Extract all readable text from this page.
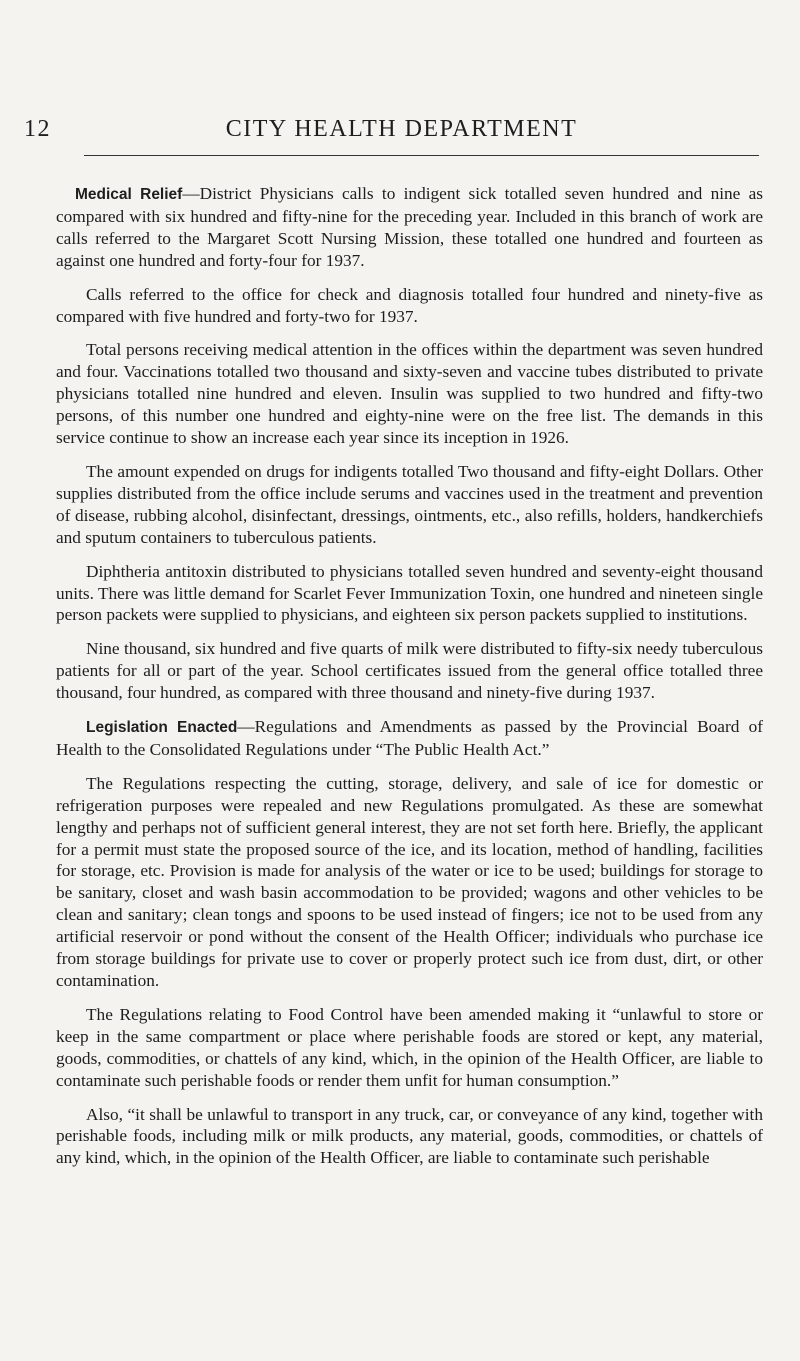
12	CITY HEALTH DEPARTMENT

Medical Relief—District Physicians calls to indigent sick totalled seven hundred and nine as compared with six hundred and fifty-nine for the preceding year. Included in this branch of work are calls referred to the Margaret Scott Nursing Mission, these totalled one hundred and fourteen as against one hundred and forty-four for 1937.

Calls referred to the office for check and diagnosis totalled four hundred and ninety-five as compared with five hundred and forty-two for 1937.

Total persons receiving medical attention in the offices within the department was seven hundred and four. Vaccinations totalled two thousand and sixty-seven and vaccine tubes distributed to private physicians totalled nine hundred and eleven. Insulin was supplied to two hundred and fifty-two persons, of this number one hundred and eighty-nine were on the free list. The demands in this service continue to show an increase each year since its inception in 1926.

The amount expended on drugs for indigents totalled Two thousand and fifty-eight Dollars. Other supplies distributed from the office include serums and vaccines used in the treatment and prevention of disease, rubbing alcohol, disinfectant, dressings, ointments, etc., also refills, holders, handkerchiefs and sputum containers to tuberculous patients.

Diphtheria antitoxin distributed to physicians totalled seven hundred and seventy-eight thousand units. There was little demand for Scarlet Fever Immunization Toxin, one hundred and nineteen single person packets were supplied to physicians, and eighteen six person packets supplied to institutions.

Nine thousand, six hundred and five quarts of milk were distributed to fifty-six needy tuberculous patients for all or part of the year. School certificates issued from the general office totalled three thousand, four hundred, as compared with three thousand and ninety-five during 1937.

Legislation Enacted—Regulations and Amendments as passed by the Provincial Board of Health to the Consolidated Regulations under “The Public Health Act.”

The Regulations respecting the cutting, storage, delivery, and sale of ice for domestic or refrigeration purposes were repealed and new Regulations promulgated. As these are somewhat lengthy and perhaps not of sufficient general interest, they are not set forth here. Briefly, the applicant for a permit must state the proposed source of the ice, and its location, method of handling, facilities for storage, etc. Provision is made for analysis of the water or ice to be used; buildings for storage to be sanitary, closet and wash basin accommodation to be provided; wagons and other vehicles to be clean and sanitary; clean tongs and spoons to be used instead of fingers; ice not to be used from any artificial reservoir or pond without the consent of the Health Officer; individuals who purchase ice from storage buildings for private use to cover or properly protect such ice from dust, dirt, or other contamination.

The Regulations relating to Food Control have been amended making it “unlawful to store or keep in the same compartment or place where perishable foods are stored or kept, any material, goods, commodities, or chattels of any kind, which, in the opinion of the Health Officer, are liable to contaminate such perishable foods or render them unfit for human consumption.”

Also, “it shall be unlawful to transport in any truck, car, or conveyance of any kind, together with perishable foods, including milk or milk products, any material, goods, commodities, or chattels of any kind, which, in the opinion of the Health Officer, are liable to contaminate such perishable
